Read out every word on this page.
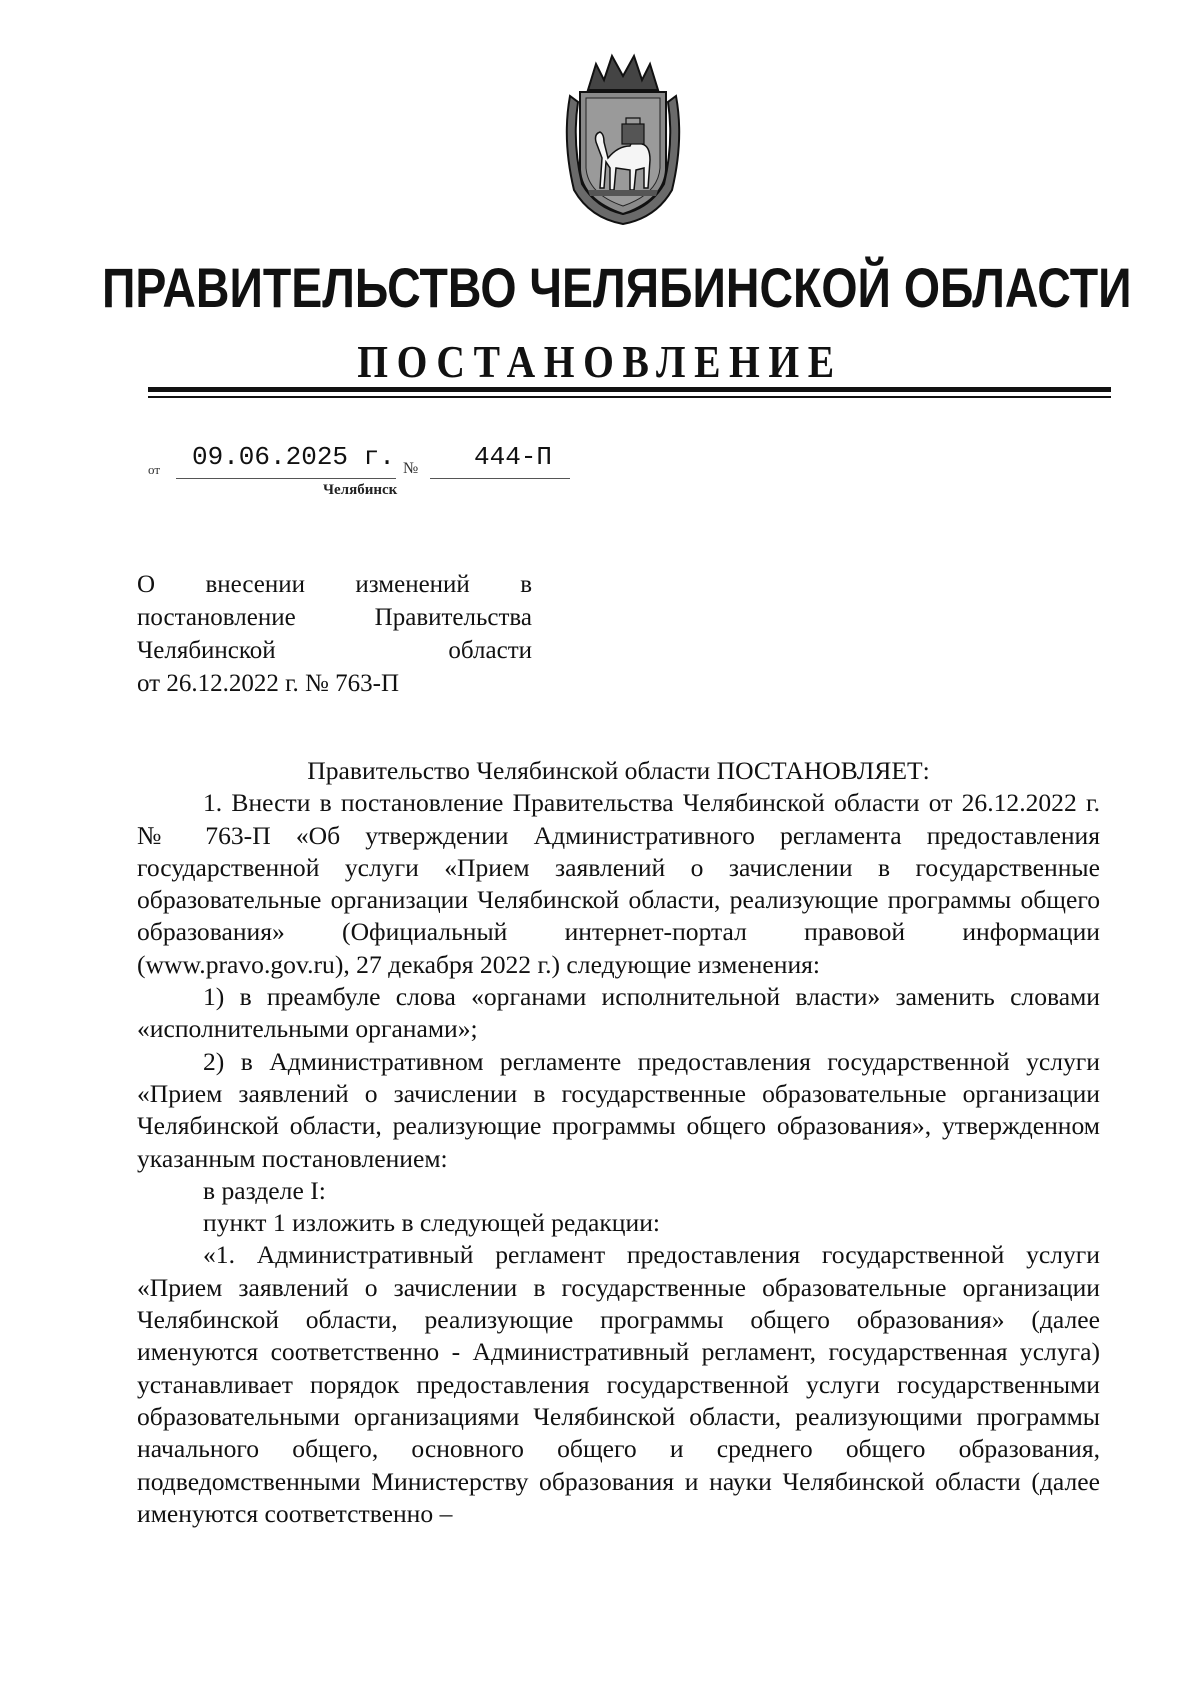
ПРАВИТЕЛЬСТВО ЧЕЛЯБИНСКОЙ ОБЛАСТИ
ПОСТАНОВЛЕНИЕ
от 09.06.2025 г. № 444-П
Челябинск
О внесении изменений в
постановление Правительства
Челябинской области
от 26.12.2022 г. № 763-П

Правительство Челябинской области ПОСТАНОВЛЯЕТ:

1. Внести в постановление Правительства Челябинской области от 26.12.2022 г. № 763-П «Об утверждении Административного регламента предоставления государственной услуги «Прием заявлений о зачислении в государственные образовательные организации Челябинской области, реализующие программы общего образования» (Официальный интернет-портал правовой информации (www.pravo.gov.ru), 27 декабря 2022 г.) следующие изменения:

1) в преамбуле слова «органами исполнительной власти» заменить словами «исполнительными органами»;

2) в Административном регламенте предоставления государственной услуги «Прием заявлений о зачислении в государственные образовательные организации Челябинской области, реализующие программы общего образования», утвержденном указанным постановлением:

в разделе I:

пункт 1 изложить в следующей редакции:

«1. Административный регламент предоставления государственной услуги «Прием заявлений о зачислении в государственные образовательные организации Челябинской области, реализующие программы общего образования» (далее именуются соответственно - Административный регламент, государственная услуга) устанавливает порядок предоставления государственной услуги государственными образовательными организациями Челябинской области, реализующими программы начального общего, основного общего и среднего общего образования, подведомственными Министерству образования и науки Челябинской области (далее именуются соответственно –
